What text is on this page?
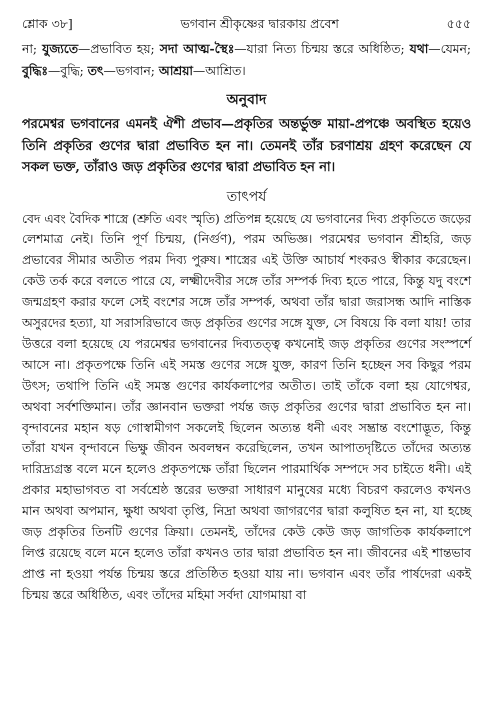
শ্লোক ৩৮]	ভগবান শ্রীকৃষ্ণের দ্বারকায় প্রবেশ	৫৫৫

না; যুজ্যতে—প্রভাবিত হয়; সদা আত্ম-স্থৈঃ—যারা নিত্য চিন্ময় স্তরে অধিষ্ঠিত; যথা—যেমন; বুদ্ধিঃ—বুদ্ধি; তৎ—ভগবান; আশ্রয়া—আশ্রিত।

অনুবাদ

পরমেশ্বর ভগবানের এমনই ঐশী প্রভাব—প্রকৃতির অন্তর্ভুক্ত মায়া-প্রপঞ্চে অবস্থিত হয়েও তিনি প্রকৃতির গুণের দ্বারা প্রভাবিত হন না। তেমনই তাঁর চরণাশ্রয় গ্রহণ করেছেন যে সকল ভক্ত, তাঁরাও জড় প্রকৃতির গুণের দ্বারা প্রভাবিত হন না।

তাৎপর্য

বেদ এবং বৈদিক শাস্ত্রে (শ্রুতি এবং স্মৃতি) প্রতিপন্ন হয়েছে যে ভগবানের দিব্য প্রকৃতিতে জড়ের লেশমাত্র নেই। তিনি পূর্ণ চিন্ময়, (নির্গুণ), পরম অভিজ্ঞ। পরমেশ্বর ভগবান শ্রীহরি, জড় প্রভাবের সীমার অতীত পরম দিব্য পুরুষ। শাস্ত্রের এই উক্তি আচার্য শংকরও স্বীকার করেছেন। কেউ তর্ক করে বলতে পারে যে, লক্ষ্মীদেবীর সঙ্গে তাঁর সম্পর্ক দিব্য হতে পারে, কিন্তু যদু বংশে জন্মগ্রহণ করার ফলে সেই বংশের সঙ্গে তাঁর সম্পর্ক, অথবা তাঁর দ্বারা জরাসন্ধ আদি নাস্তিক অসুরদের হত্যা, যা সরাসরিভাবে জড় প্রকৃতির গুণের সঙ্গে যুক্ত, সে বিষয়ে কি বলা যায়! তার উত্তরে বলা হয়েছে যে পরমেশ্বর ভগবানের দিব্যতত্ত্ব কখনোই জড় প্রকৃতির গুণের সংস্পর্শে আসে না। প্রকৃতপক্ষে তিনি এই সমস্ত গুণের সঙ্গে যুক্ত, কারণ তিনি হচ্ছেন সব কিছুর পরম উৎস; তথাপি তিনি এই সমস্ত গুণের কার্যকলাপের অতীত। তাই তাঁকে বলা হয় যোগেশ্বর, অথবা সর্বশক্তিমান। তাঁর জ্ঞানবান ভক্তরা পর্যন্ত জড় প্রকৃতির গুণের দ্বারা প্রভাবিত হন না। বৃন্দাবনের মহান ষড় গোস্বামীগণ সকলেই ছিলেন অত্যন্ত ধনী এবং সম্ভ্রান্ত বংশোদ্ভূত, কিন্তু তাঁরা যখন বৃন্দাবনে ভিক্ষু জীবন অবলম্বন করেছিলেন, তখন আপাতদৃষ্টিতে তাঁদের অত্যন্ত দারিদ্র্যগ্রস্ত বলে মনে হলেও প্রকৃতপক্ষে তাঁরা ছিলেন পারমার্থিক সম্পদে সব চাইতে ধনী। এই প্রকার মহাভাগবত বা সর্বশ্রেষ্ঠ স্তরের ভক্তরা সাধারণ মানুষের মধ্যে বিচরণ করলেও কখনও মান অথবা অপমান, ক্ষুধা অথবা তৃপ্তি, নিদ্রা অথবা জাগরণের দ্বারা কলুষিত হন না, যা হচ্ছে জড় প্রকৃতির তিনটি গুণের ক্রিয়া। তেমনই, তাঁদের কেউ কেউ জড় জাগতিক কার্যকলাপে লিপ্ত রয়েছে বলে মনে হলেও তাঁরা কখনও তার দ্বারা প্রভাবিত হন না। জীবনের এই শান্তভাব প্রাপ্ত না হওয়া পর্যন্ত চিন্ময় স্তরে প্রতিষ্ঠিত হওয়া যায় না। ভগবান এবং তাঁর পার্ষদেরা একই চিন্ময় স্তরে অধিষ্ঠিত, এবং তাঁদের মহিমা সর্বদা যোগমায়া বা
